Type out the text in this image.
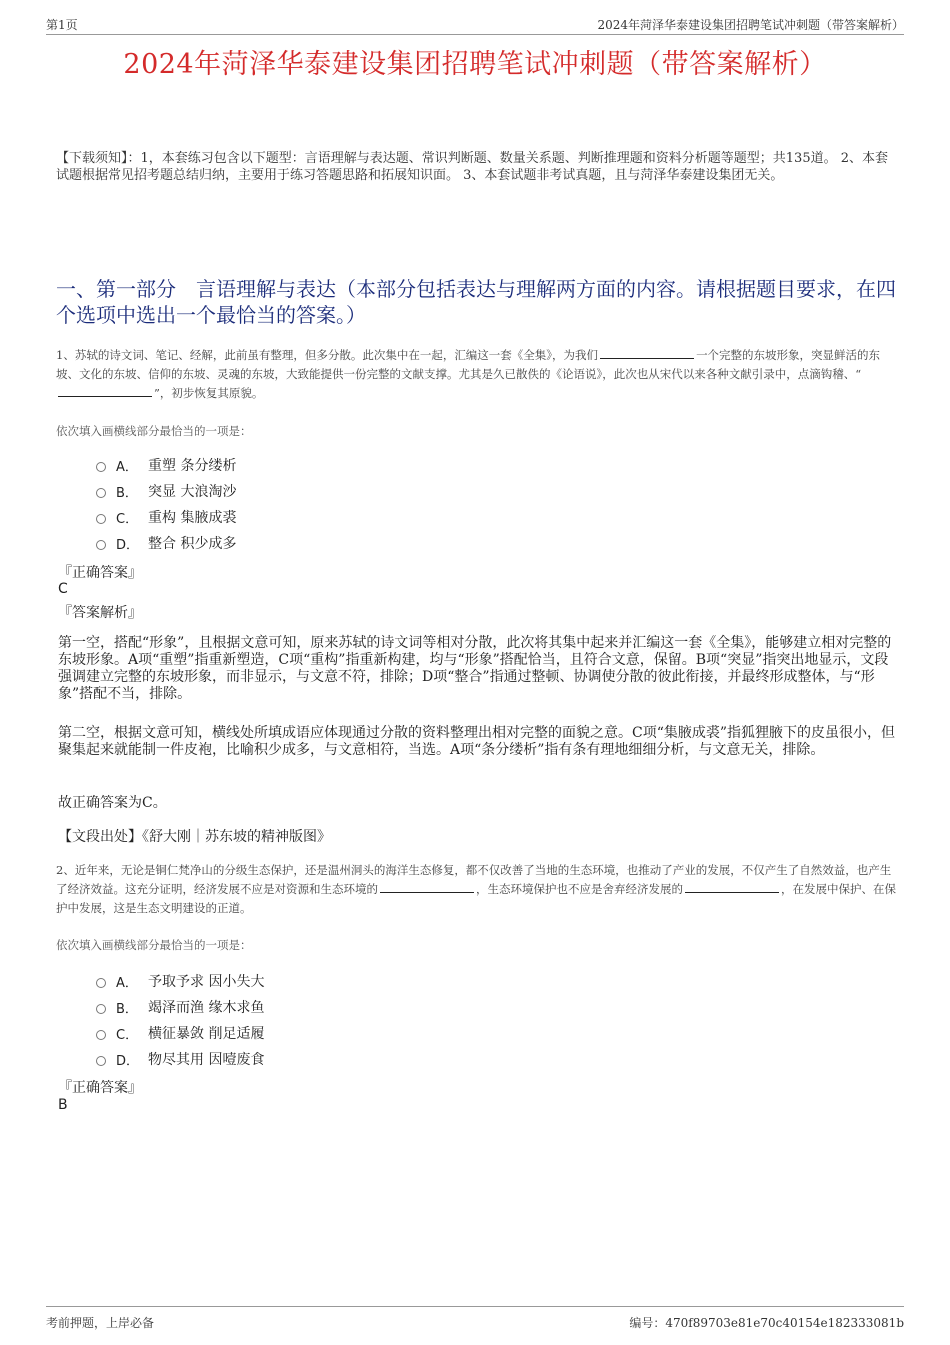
第1页	2024年菏泽华泰建设集团招聘笔试冲刺题（带答案解析）
2024年菏泽华泰建设集团招聘笔试冲刺题（带答案解析）
【下载须知】：1，本套练习包含以下题型：言语理解与表达题、常识判断题、数量关系题、判断推理题和资料分析题等题型；共135道。 2、本套试题根据常见招考题总结归纳，主要用于练习答题思路和拓展知识面。 3、本套试题非考试真题，且与菏泽华泰建设集团无关。
一、第一部分　言语理解与表达（本部分包括表达与理解两方面的内容。请根据题目要求，在四个选项中选出一个最恰当的答案。）
1、苏轼的诗文词、笔记、经解，此前虽有整理，但多分散。此次集中在一起，汇编这一套《全集》，为我们	一个完整的东坡形象，突显鲜活的东坡、文化的东坡、信仰的东坡、灵魂的东坡，大致能提供一份完整的文献支撑。尤其是久已散佚的《论语说》，此次也从宋代以来各种文献引录中，点滴钩稽、“”，初步恢复其原貌。
依次填入画横线部分最恰当的一项是：
A． 重塑 条分缕析
B． 突显 大浪淘沙
C． 重构 集腋成裘
D． 整合 积少成多
『正确答案』
C
『答案解析』
第一空，搭配“形象”，且根据文意可知，原来苏轼的诗文词等相对分散，此次将其集中起来并汇编这一套《全集》，能够建立相对完整的东坡形象。A项“重塑”指重新塑造，C项“重构”指重新构建，均与“形象”搭配恰当，且符合文意，保留。B项“突显”指突出地显示，文段强调建立完整的东坡形象，而非显示，与文意不符，排除；D项“整合”指通过整顿、协调使分散的彼此衔接，并最终形成整体，与“形象”搭配不当，排除。
第二空，根据文意可知，横线处所填成语应体现通过分散的资料整理出相对完整的面貌之意。C项“集腋成裘”指狐狸腋下的皮虽很小，但聚集起来就能制一件皮袍，比喻积少成多，与文意相符，当选。A项“条分缕析”指有条有理地细细分析，与文意无关，排除。
故正确答案为C。
【文段出处】《舒大刚｜苏东坡的精神版图》
2、近年来，无论是铜仁梵净山的分级生态保护，还是温州洞头的海洋生态修复，都不仅改善了当地的生态环境，也推动了产业的发展，不仅产生了自然效益，也产生了经济效益。这充分证明，经济发展不应是对资源和生态环境的	，生态环境保护也不应是舍弃经济发展的	，在发展中保护、在保护中发展，这是生态文明建设的正道。
依次填入画横线部分最恰当的一项是：
A． 予取予求 因小失大
B． 竭泽而渔 缘木求鱼
C． 横征暴敛 削足适履
D． 物尽其用 因噎废食
『正确答案』
B
考前押题，上岸必备	编号：470f89703e81e70c40154e182333081b
